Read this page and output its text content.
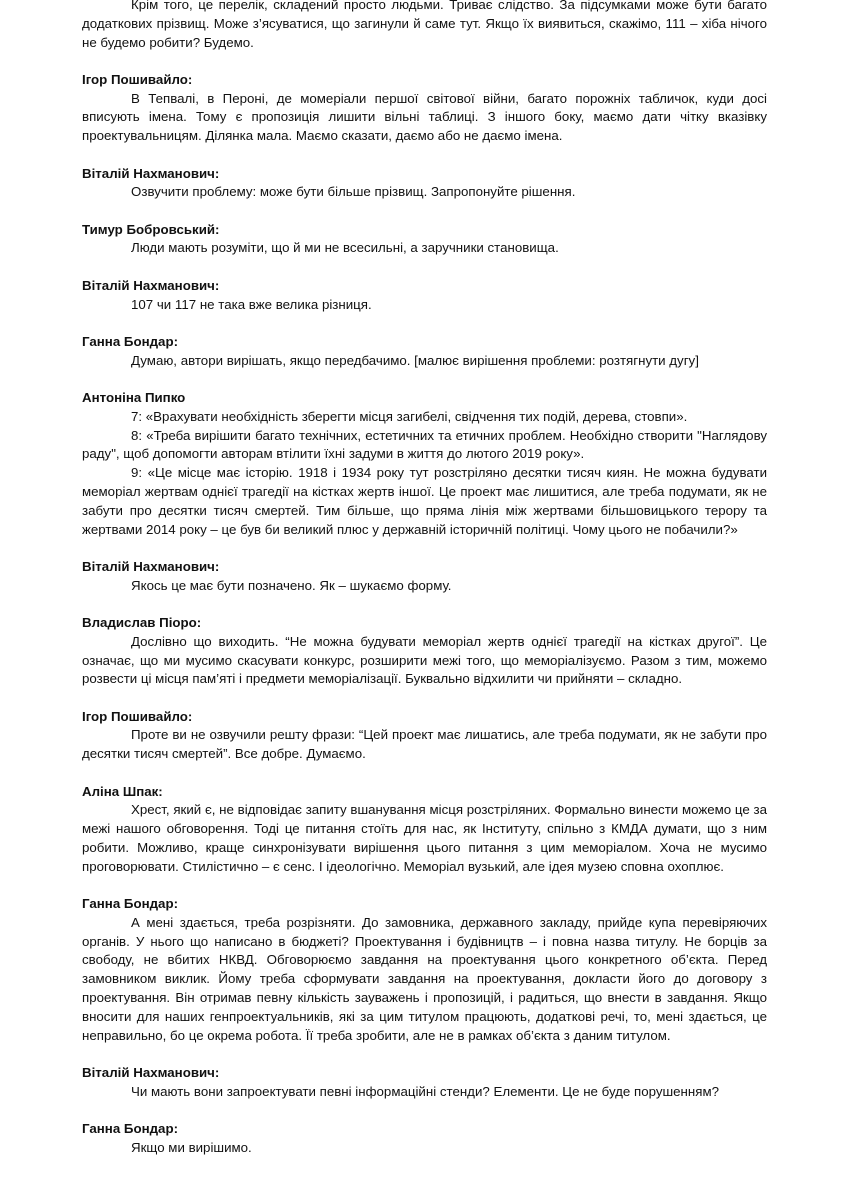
Крім того, це перелік, складений просто людьми. Триває слідство. За підсумками може бути багато додаткових прізвищ. Може з’ясуватися, що загинули й саме тут. Якщо їх виявиться, скажімо, 111 – хіба нічого не будемо робити? Будемо.

Ігор Пошивайло:

В Тепвалі, в Пероні, де момеріали першої світової війни, багато порожніх табличок, куди досі вписують імена. Тому є пропозиція лишити вільні таблиці. З іншого боку, маємо дати чітку вказівку проектувальницям. Ділянка мала. Маємо сказати, даємо або не даємо імена.

Віталій Нахманович:

Озвучити проблему: може бути більше прізвищ. Запропонуйте рішення.

Тимур Бобровський:

Люди мають розуміти, що й ми не всесильні, а заручники становища.

Віталій Нахманович:

107 чи 117 не така вже велика різниця.

Ганна Бондар:

Думаю, автори вирішать, якщо передбачимо. [малює вирішення проблеми: розтягнути дугу]

Антоніна Пипко

7: «Врахувати необхідність зберегти місця загибелі, свідчення тих подій, дерева, стовпи».

8: «Треба вирішити багато технічних, естетичних та етичних проблем. Необхідно створити "Наглядову раду", щоб допомогти авторам втілити їхні задуми в життя до лютого 2019 року».

9: «Це місце має історію. 1918 і 1934 року тут розстріляно десятки тисяч киян. Не можна будувати меморіал жертвам однієї трагедії на кістках жертв іншої. Це проект має лишитися, але треба подумати, як не забути про десятки тисяч смертей. Тим більше, що пряма лінія між жертвами більшовицького терору та жертвами 2014 року – це був би великий плюс у державній історичній політиці. Чому цього не побачили?»

Віталій Нахманович:

Якось це має бути позначено. Як – шукаємо форму.

Владислав Піоро:

Дослівно що виходить. “Не можна будувати меморіал жертв однієї трагедії на кістках другої”. Це означає, що ми мусимо скасувати конкурс, розширити межі того, що меморіалізуємо. Разом з тим, можемо розвести ці місця пам’яті і предмети меморіалізації. Буквально відхилити чи прийняти – складно.

Ігор Пошивайло:

Проте ви не озвучили решту фрази: “Цей проект має лишатись, але треба подумати, як не забути про десятки тисяч смертей”. Все добре. Думаємо.

Аліна Шпак:

Хрест, який є, не відповідає запиту вшанування місця розстріляних. Формально винести можемо це за межі нашого обговорення. Тоді це питання стоїть для нас, як Інституту, спільно з КМДА думати, що з ним робити. Можливо, краще синхронізувати вирішення цього питання з цим меморіалом. Хоча не мусимо проговорювати. Стилістично – є сенс. І ідеологічно. Меморіал вузький, але ідея музею сповна охоплює.

Ганна Бондар:

А мені здається, треба розрізняти. До замовника, державного закладу, прийде купа перевіряючих органів. У нього що написано в бюджеті? Проектування і будівництв – і повна назва титулу. Не борців за свободу, не вбитих НКВД. Обговорюємо завдання на проектування цього конкретного об’єкта. Перед замовником виклик. Йому треба сформувати завдання на проектування, докласти його до договору з проектування. Він отримав певну кількість зауважень і пропозицій, і радиться, що внести в завдання. Якщо вносити для наших генпроектуальників, які за цим титулом працюють, додаткові речі, то, мені здається, це неправильно, бо це окрема робота. Її треба зробити, але не в рамках об’єкта з даним титулом.

Віталій Нахманович:

Чи мають вони запроектувати певні інформаційні стенди? Елементи. Це не буде порушенням?

Ганна Бондар:

Якщо ми вирішимо.
